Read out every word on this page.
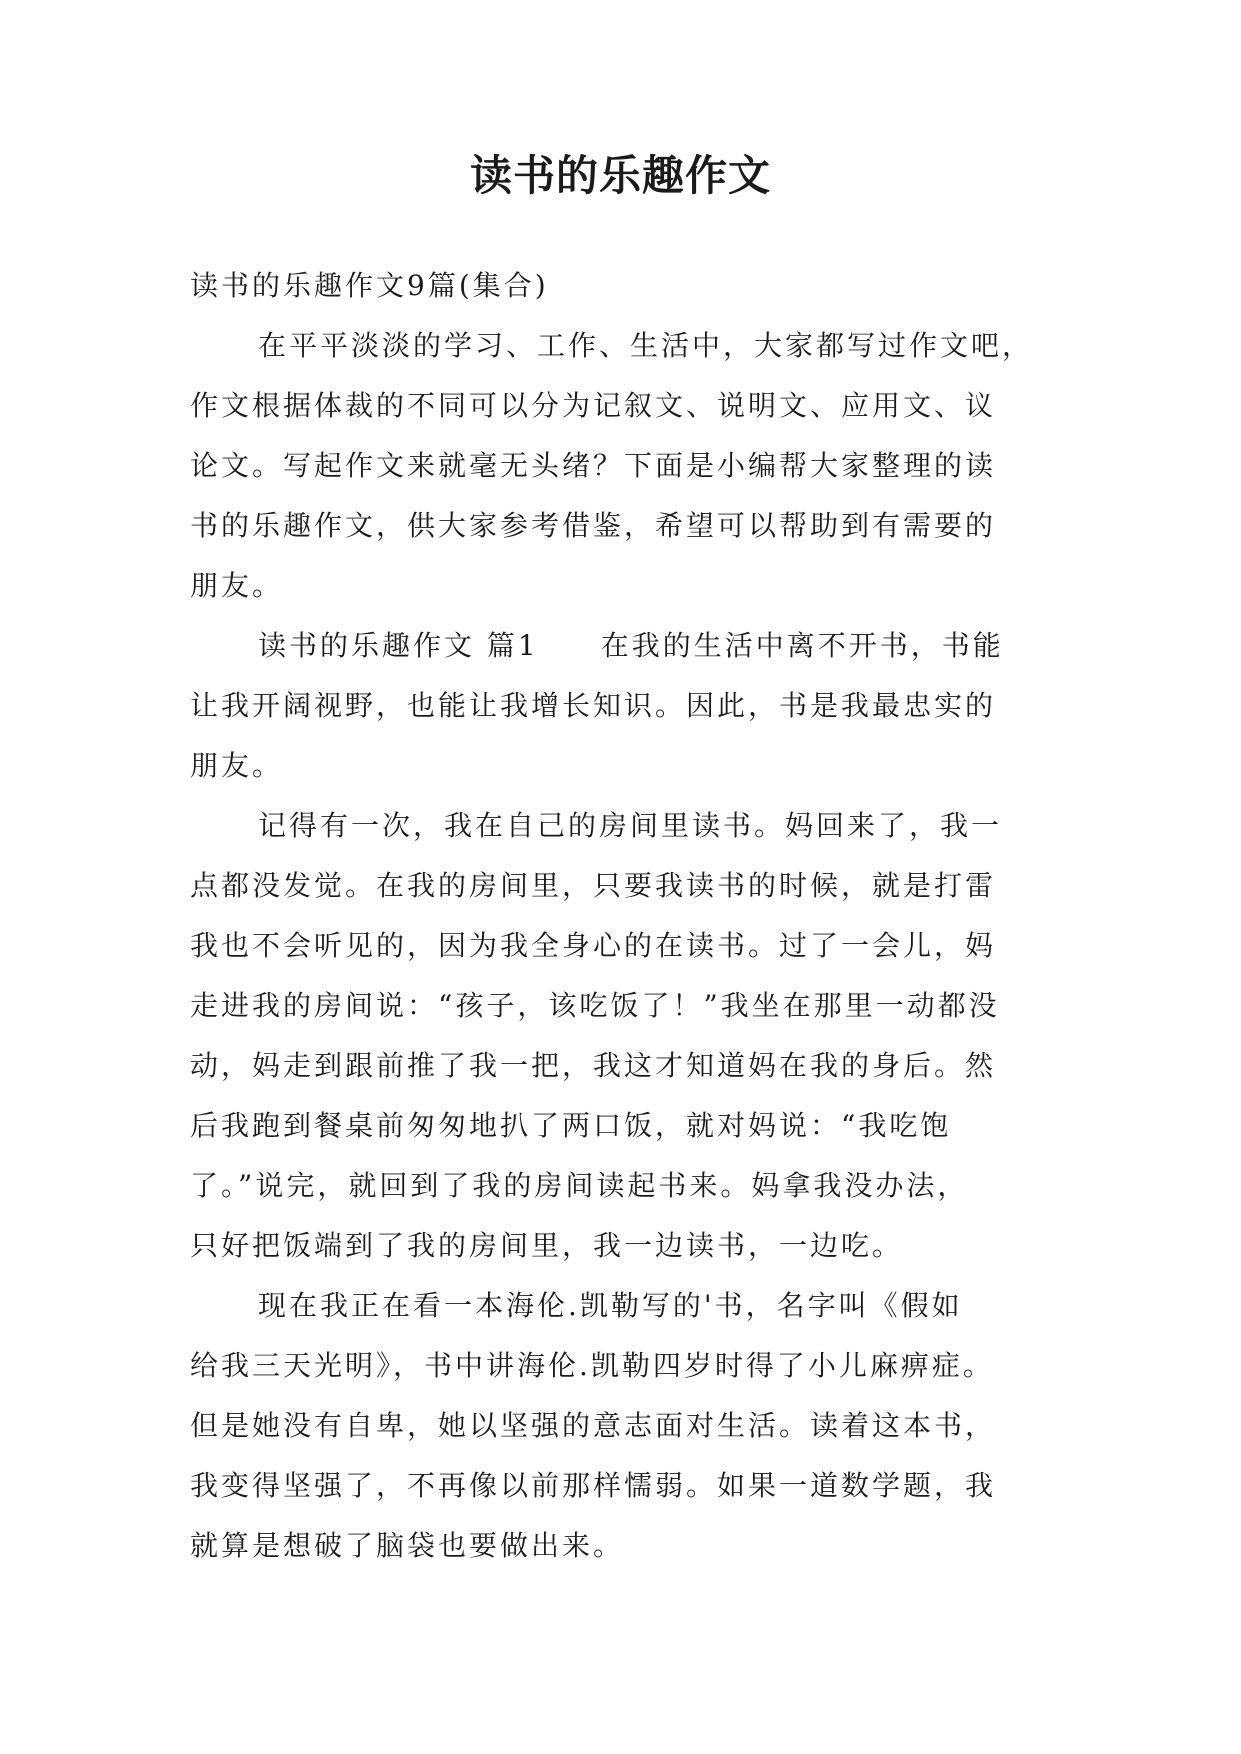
读书的乐趣作文
读书的乐趣作文9篇(集合)
在平平淡淡的学习、工作、生活中，大家都写过作文吧，
作文根据体裁的不同可以分为记叙文、说明文、应用文、议
论文。写起作文来就毫无头绪？下面是小编帮大家整理的读
书的乐趣作文，供大家参考借鉴，希望可以帮助到有需要的
朋友。
读书的乐趣作文 篇1　　在我的生活中离不开书，书能
让我开阔视野，也能让我增长知识。因此，书是我最忠实的
朋友。
记得有一次，我在自己的房间里读书。妈回来了，我一
点都没发觉。在我的房间里，只要我读书的时候，就是打雷
我也不会听见的，因为我全身心的在读书。过了一会儿，妈
走进我的房间说：“孩子，该吃饭了！”我坐在那里一动都没
动，妈走到跟前推了我一把，我这才知道妈在我的身后。然
后我跑到餐桌前匆匆地扒了两口饭，就对妈说：“我吃饱
了。”说完，就回到了我的房间读起书来。妈拿我没办法，
只好把饭端到了我的房间里，我一边读书，一边吃。
现在我正在看一本海伦.凯勒写的'书，名字叫《假如
给我三天光明》，书中讲海伦.凯勒四岁时得了小儿麻痹症。
但是她没有自卑，她以坚强的意志面对生活。读着这本书，
我变得坚强了，不再像以前那样懦弱。如果一道数学题，我
就算是想破了脑袋也要做出来。
